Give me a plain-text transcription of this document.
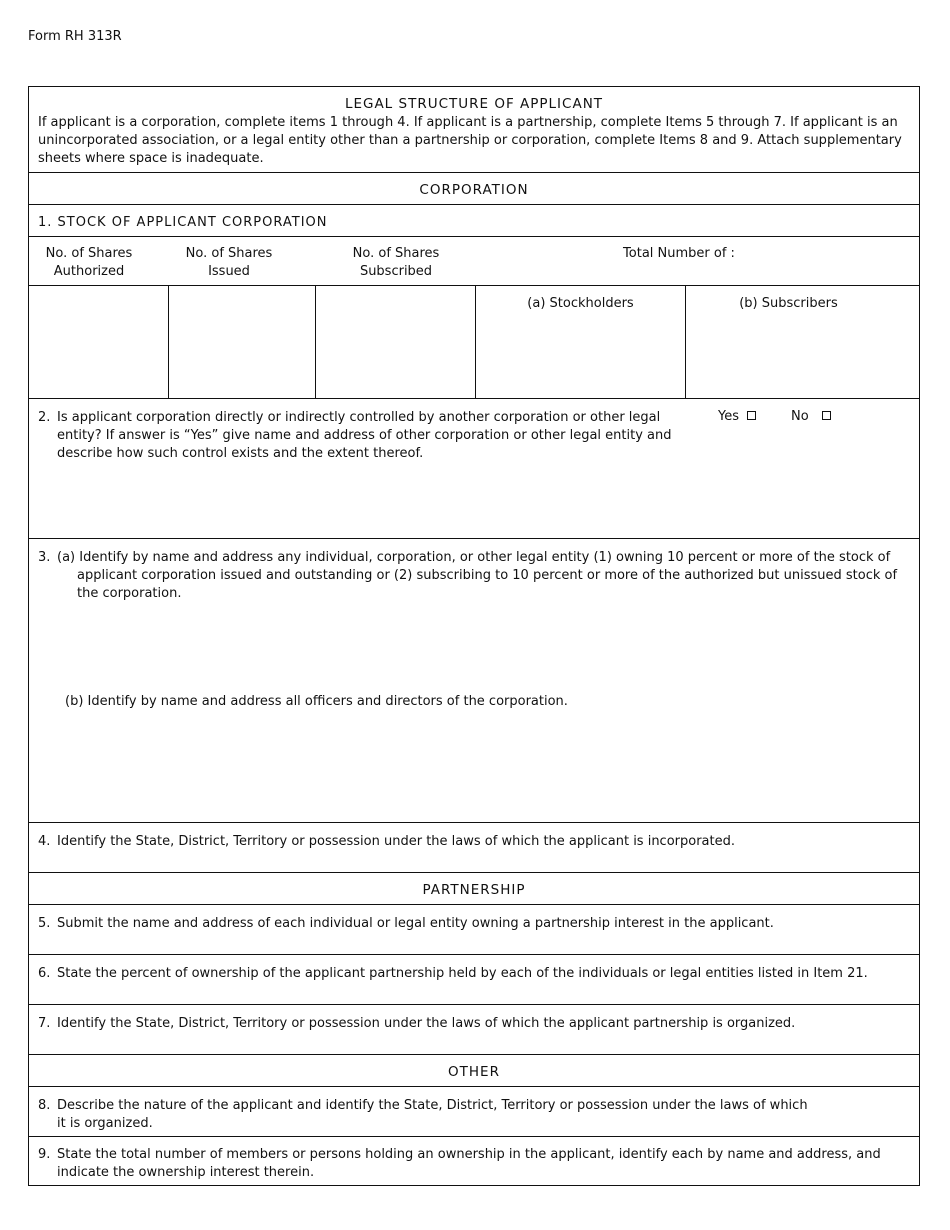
Form RH 313R
LEGAL STRUCTURE OF APPLICANT
If applicant is a corporation, complete items 1 through 4. If applicant is a partnership, complete Items 5 through 7. If applicant is an unincorporated association, or a legal entity other than a partnership or corporation, complete Items 8 and 9. Attach supplementary sheets where space is inadequate.
CORPORATION
1. STOCK OF APPLICANT CORPORATION
No. of Shares
Authorized
No. of Shares
Issued
No. of Shares
Subscribed
Total Number of :
(a) Stockholders	(b) Subscribers
2. Is applicant corporation directly or indirectly controlled by another corporation or other legal entity? If answer is “Yes” give name and address of other corporation or other legal entity and describe how such control exists and the extent thereof.
Yes	No
3. (a) Identify by name and address any individual, corporation, or other legal entity (1) owning 10 percent or more of the stock of applicant corporation issued and outstanding or (2) subscribing to 10 percent or more of the authorized but unissued stock of the corporation.
(b) Identify by name and address all officers and directors of the corporation.
4. Identify the State, District, Territory or possession under the laws of which the applicant is incorporated.
PARTNERSHIP
5. Submit the name and address of each individual or legal entity owning a partnership interest in the applicant.
6. State the percent of ownership of the applicant partnership held by each of the individuals or legal entities listed in Item 21.
7. Identify the State, District, Territory or possession under the laws of which the applicant partnership is organized.
OTHER
8. Describe the nature of the applicant and identify the State, District, Territory or possession under the laws of which it is organized.
9. State the total number of members or persons holding an ownership in the applicant, identify each by name and address, and indicate the ownership interest therein.
